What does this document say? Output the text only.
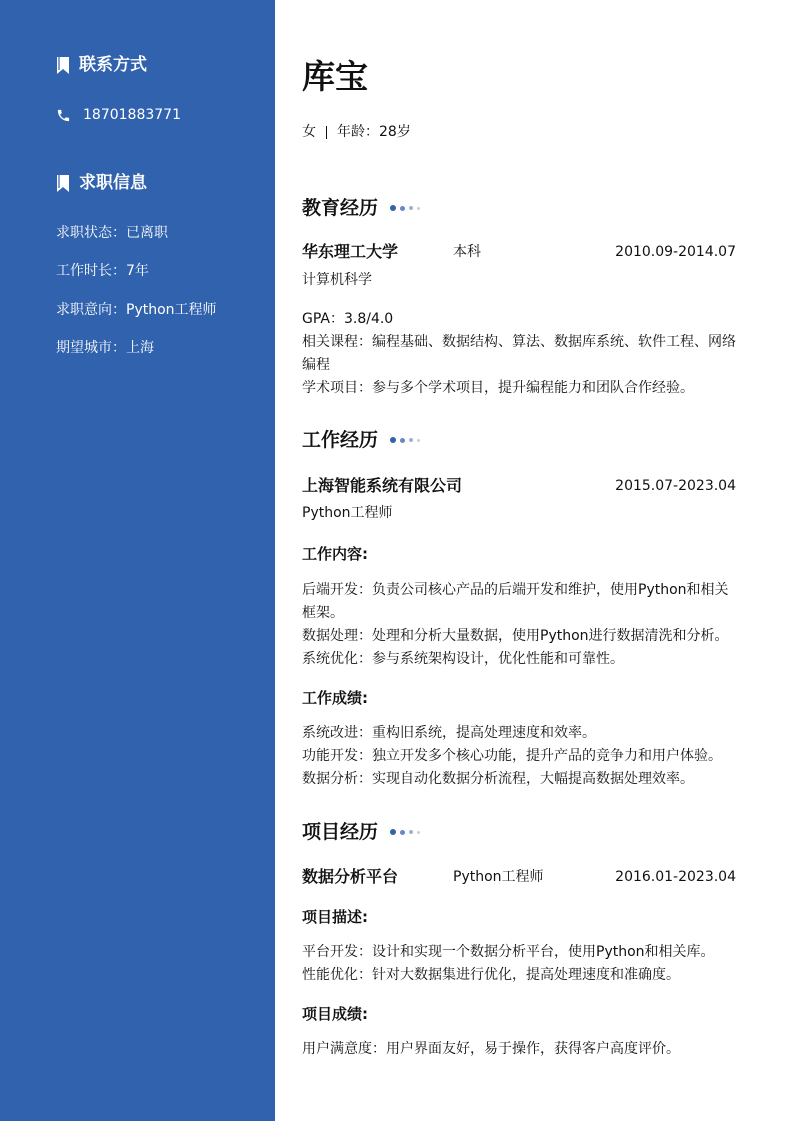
联系方式
18701883771
求职信息
求职状态：已离职
工作时长：7年
求职意向：Python工程师
期望城市：上海
库宝
女 年龄：28岁
教育经历
华东理工大学	本科	2010.09-2014.07
计算机科学
GPA：3.8/4.0
相关课程：编程基础、数据结构、算法、数据库系统、软件工程、网络编程
学术项目：参与多个学术项目，提升编程能力和团队合作经验。
工作经历
上海智能系统有限公司	2015.07-2023.04
Python工程师
工作内容:
后端开发：负责公司核心产品的后端开发和维护，使用Python和相关框架。
数据处理：处理和分析大量数据，使用Python进行数据清洗和分析。
系统优化：参与系统架构设计，优化性能和可靠性。
工作成绩:
系统改进：重构旧系统，提高处理速度和效率。
功能开发：独立开发多个核心功能，提升产品的竞争力和用户体验。
数据分析：实现自动化数据分析流程，大幅提高数据处理效率。
项目经历
数据分析平台	Python工程师	2016.01-2023.04
项目描述:
平台开发：设计和实现一个数据分析平台，使用Python和相关库。
性能优化：针对大数据集进行优化，提高处理速度和准确度。
项目成绩:
用户满意度：用户界面友好，易于操作，获得客户高度评价。
